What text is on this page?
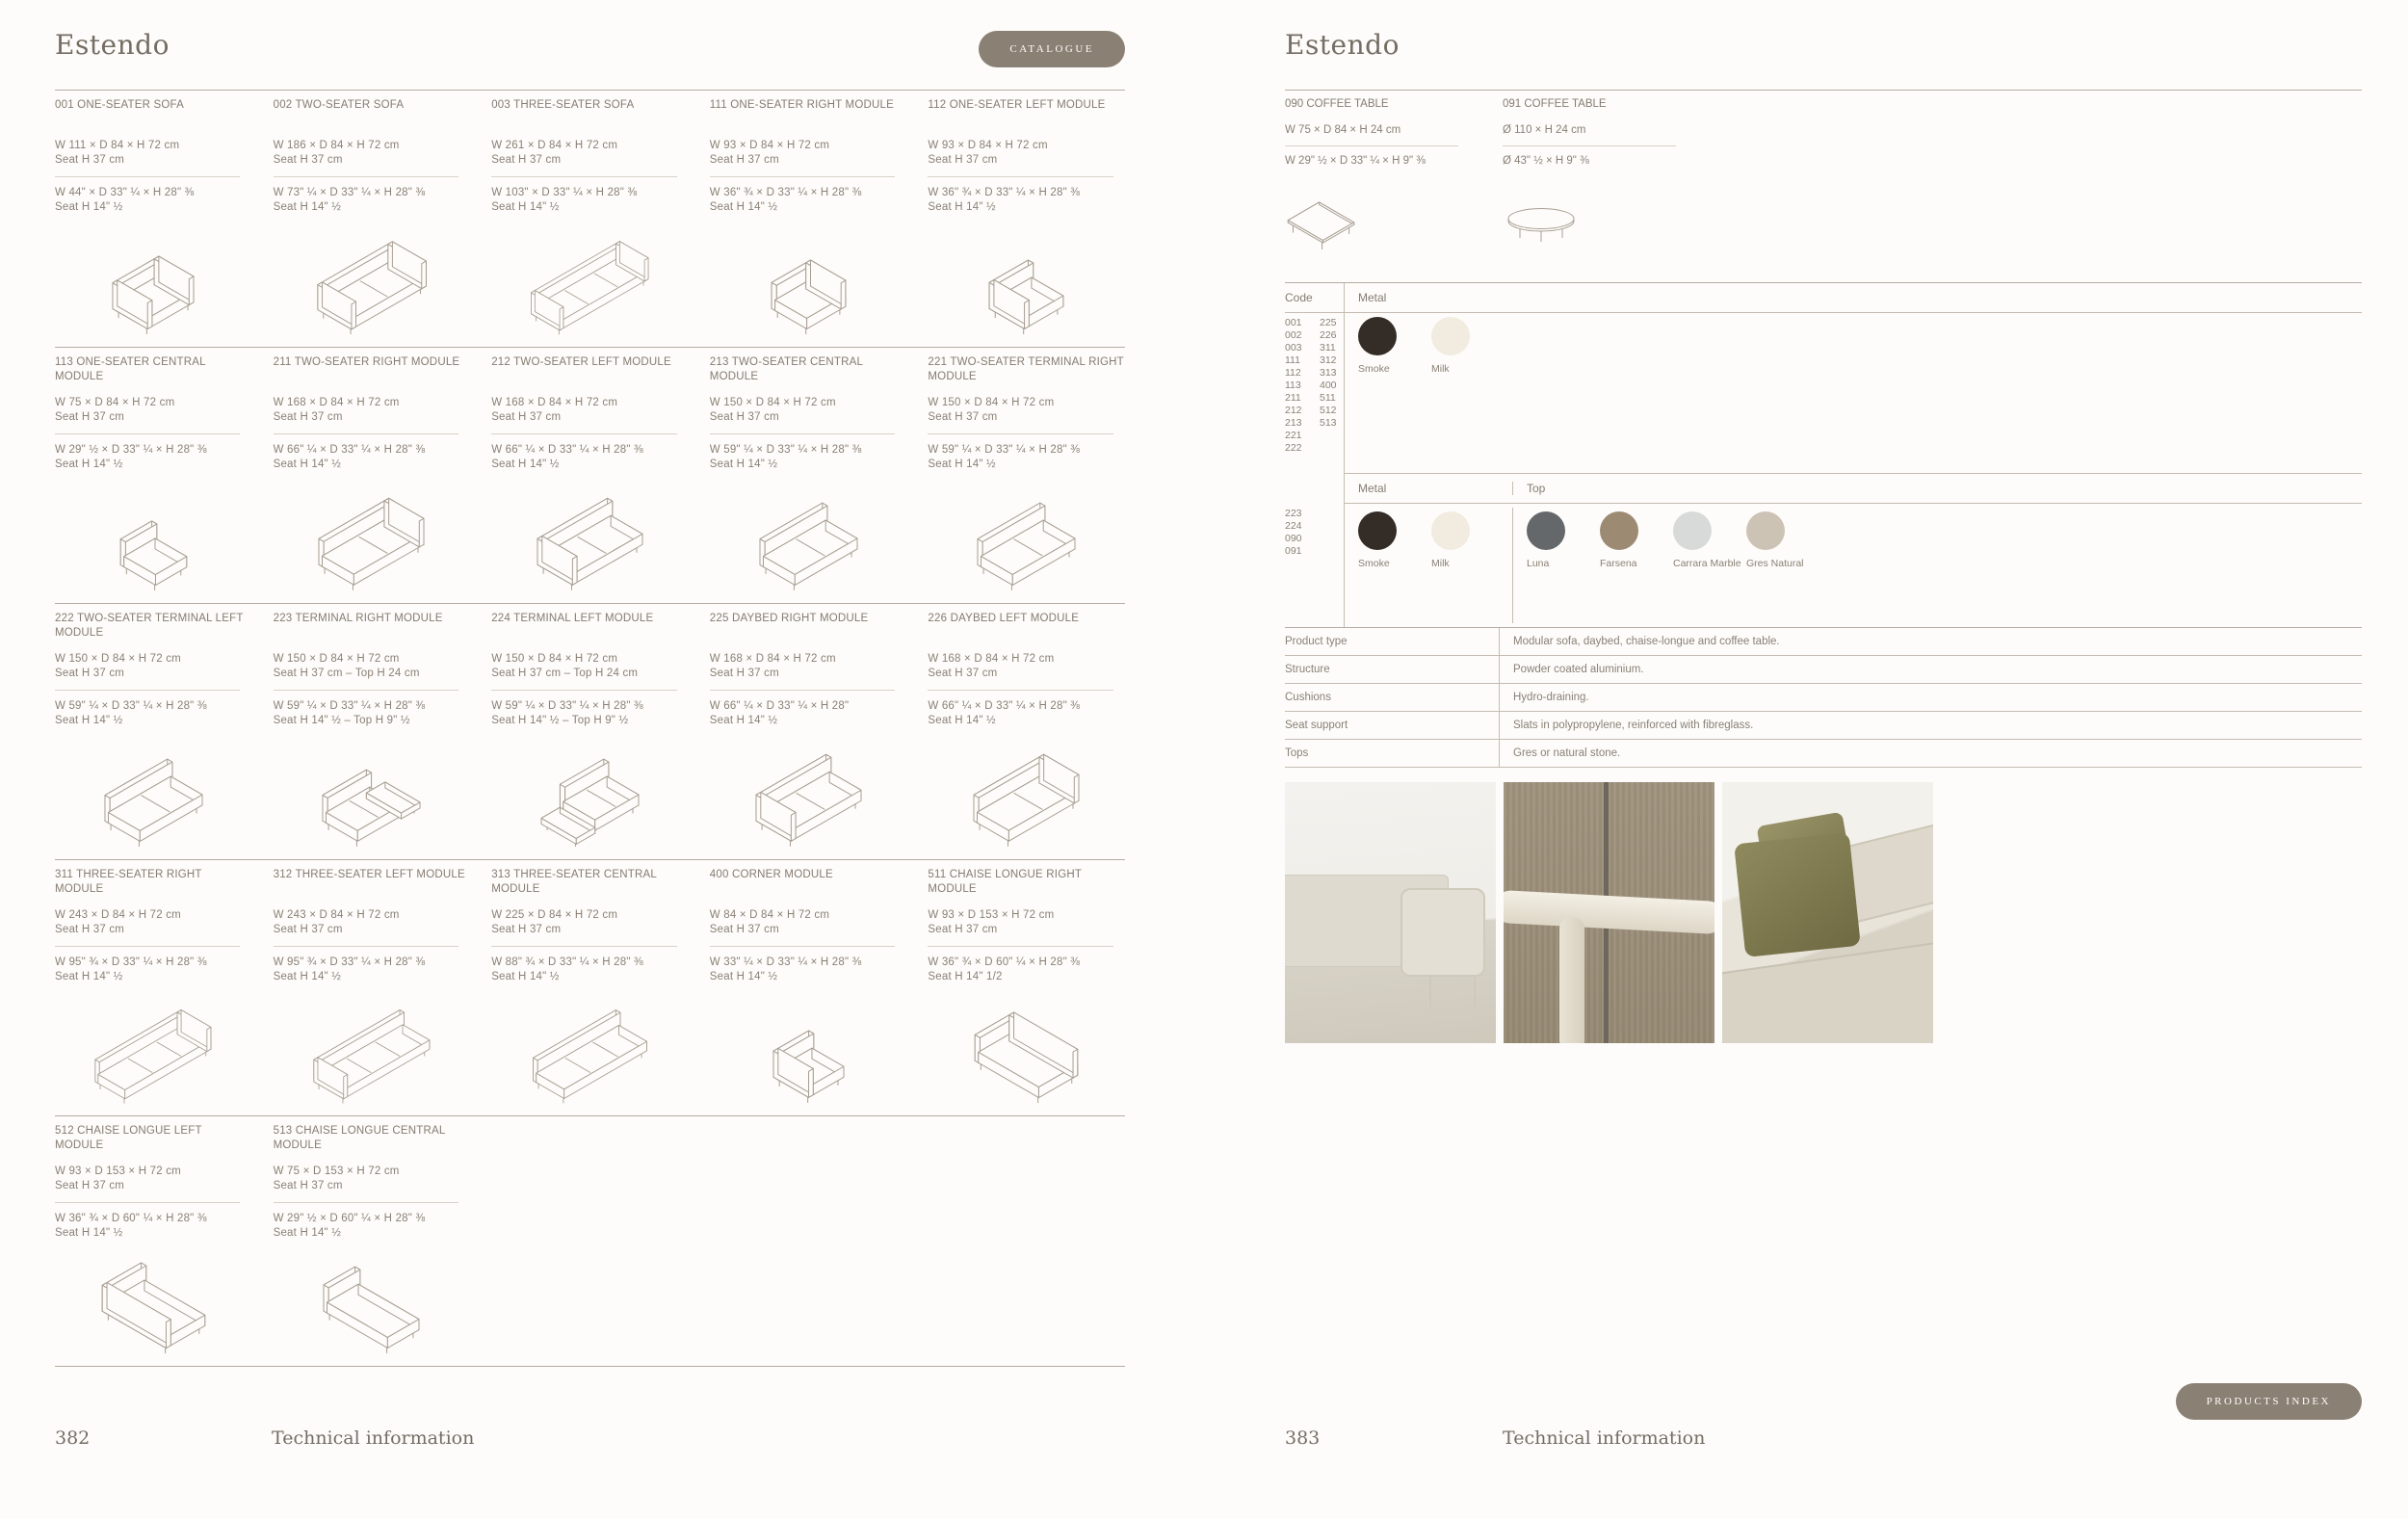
Estendo	CATALOGUE
001 ONE-SEATER SOFA
W 111 × D 84 × H 72 cm
Seat H 37 cm
W 44" × D 33" ¼ × H 28" ⅜
Seat H 14" ½
002 TWO-SEATER SOFA
W 186 × D 84 × H 72 cm
Seat H 37 cm
W 73" ¼ × D 33" ¼ × H 28" ⅜
Seat H 14" ½
003 THREE-SEATER SOFA
W 261 × D 84 × H 72 cm
Seat H 37 cm
W 103" × D 33" ¼ × H 28" ⅜
Seat H 14" ½
111 ONE-SEATER RIGHT MODULE
W 93 × D 84 × H 72 cm
Seat H 37 cm
W 36" ¾ × D 33" ¼ × H 28" ⅜
Seat H 14" ½
112 ONE-SEATER LEFT MODULE
W 93 × D 84 × H 72 cm
Seat H 37 cm
W 36" ¾ × D 33" ¼ × H 28" ⅜
Seat H 14" ½
113 ONE-SEATER CENTRAL MODULE
W 75 × D 84 × H 72 cm
Seat H 37 cm
W 29" ½ × D 33" ¼ × H 28" ⅜
Seat H 14" ½
211 TWO-SEATER RIGHT MODULE
W 168 × D 84 × H 72 cm
Seat H 37 cm
W 66" ¼ × D 33" ¼ × H 28" ⅜
Seat H 14" ½
212 TWO-SEATER LEFT MODULE
W 168 × D 84 × H 72 cm
Seat H 37 cm
W 66" ¼ × D 33" ¼ × H 28" ⅜
Seat H 14" ½
213 TWO-SEATER CENTRAL MODULE
W 150 × D 84 × H 72 cm
Seat H 37 cm
W 59" ¼ × D 33" ¼ × H 28" ⅜
Seat H 14" ½
221 TWO-SEATER TERMINAL RIGHT MODULE
W 150 × D 84 × H 72 cm
Seat H 37 cm
W 59" ¼ × D 33" ¼ × H 28" ⅜
Seat H 14" ½
222 TWO-SEATER TERMINAL LEFT MODULE
W 150 × D 84 × H 72 cm
Seat H 37 cm
W 59" ¼ × D 33" ¼ × H 28" ⅜
Seat H 14" ½
223 TERMINAL RIGHT MODULE
W 150 × D 84 × H 72 cm
Seat H 37 cm – Top H 24 cm
W 59" ¼ × D 33" ¼ × H 28" ⅜
Seat H 14" ½ – Top H 9" ½
224 TERMINAL LEFT MODULE
W 150 × D 84 × H 72 cm
Seat H 37 cm – Top H 24 cm
W 59" ¼ × D 33" ¼ × H 28" ⅜
Seat H 14" ½ – Top H 9" ½
225 DAYBED RIGHT MODULE
W 168 × D 84 × H 72 cm
Seat H 37 cm
W 66" ¼ × D 33" ¼ × H 28"
Seat H 14" ½
226 DAYBED LEFT MODULE
W 168 × D 84 × H 72 cm
Seat H 37 cm
W 66" ¼ × D 33" ¼ × H 28" ⅜
Seat H 14" ½
311 THREE-SEATER RIGHT MODULE
W 243 × D 84 × H 72 cm
Seat H 37 cm
W 95" ¾ × D 33" ¼ × H 28" ⅜
Seat H 14" ½
312 THREE-SEATER LEFT MODULE
W 243 × D 84 × H 72 cm
Seat H 37 cm
W 95" ¾ × D 33" ¼ × H 28" ⅜
Seat H 14" ½
313 THREE-SEATER CENTRAL MODULE
W 225 × D 84 × H 72 cm
Seat H 37 cm
W 88" ¾ × D 33" ¼ × H 28" ⅜
Seat H 14" ½
400 CORNER MODULE
W 84 × D 84 × H 72 cm
Seat H 37 cm
W 33" ¼ × D 33" ¼ × H 28" ⅜
Seat H 14" ½
511 CHAISE LONGUE RIGHT MODULE
W 93 × D 153 × H 72 cm
Seat H 37 cm
W 36" ¾ × D 60" ¼ × H 28" ⅜
Seat H 14" 1/2
512 CHAISE LONGUE LEFT MODULE
W 93 × D 153 × H 72 cm
Seat H 37 cm
W 36" ¾ × D 60" ¼ × H 28" ⅜
Seat H 14" ½
513 CHAISE LONGUE CENTRAL MODULE
W 75 × D 153 × H 72 cm
Seat H 37 cm
W 29" ½ × D 60" ¼ × H 28" ⅜
Seat H 14" ½
382	Technical information
Estendo
090 COFFEE TABLE
W 75 × D 84 × H 24 cm
W 29" ½ × D 33" ¼ × H 9" ⅜
091 COFFEE TABLE
Ø 110 × H 24 cm
Ø 43" ½ × H 9" ⅜
Code	Metal
001	225
002	226
003	311
111	312
112	313
113	400
211	511
212	512
213	513
221
222
Smoke	Milk
Metal	Top
223
224
090
091
Smoke	Milk	Luna	Farsena	Carrara Marble Gres Natural
Product type	Modular sofa, daybed, chaise-longue and coffee table.
Structure	Powder coated aluminium.
Cushions	Hydro-draining.
Seat support	Slats in polypropylene, reinforced with fibreglass.
Tops	Gres or natural stone.
383	Technical information
PRODUCTS INDEX
